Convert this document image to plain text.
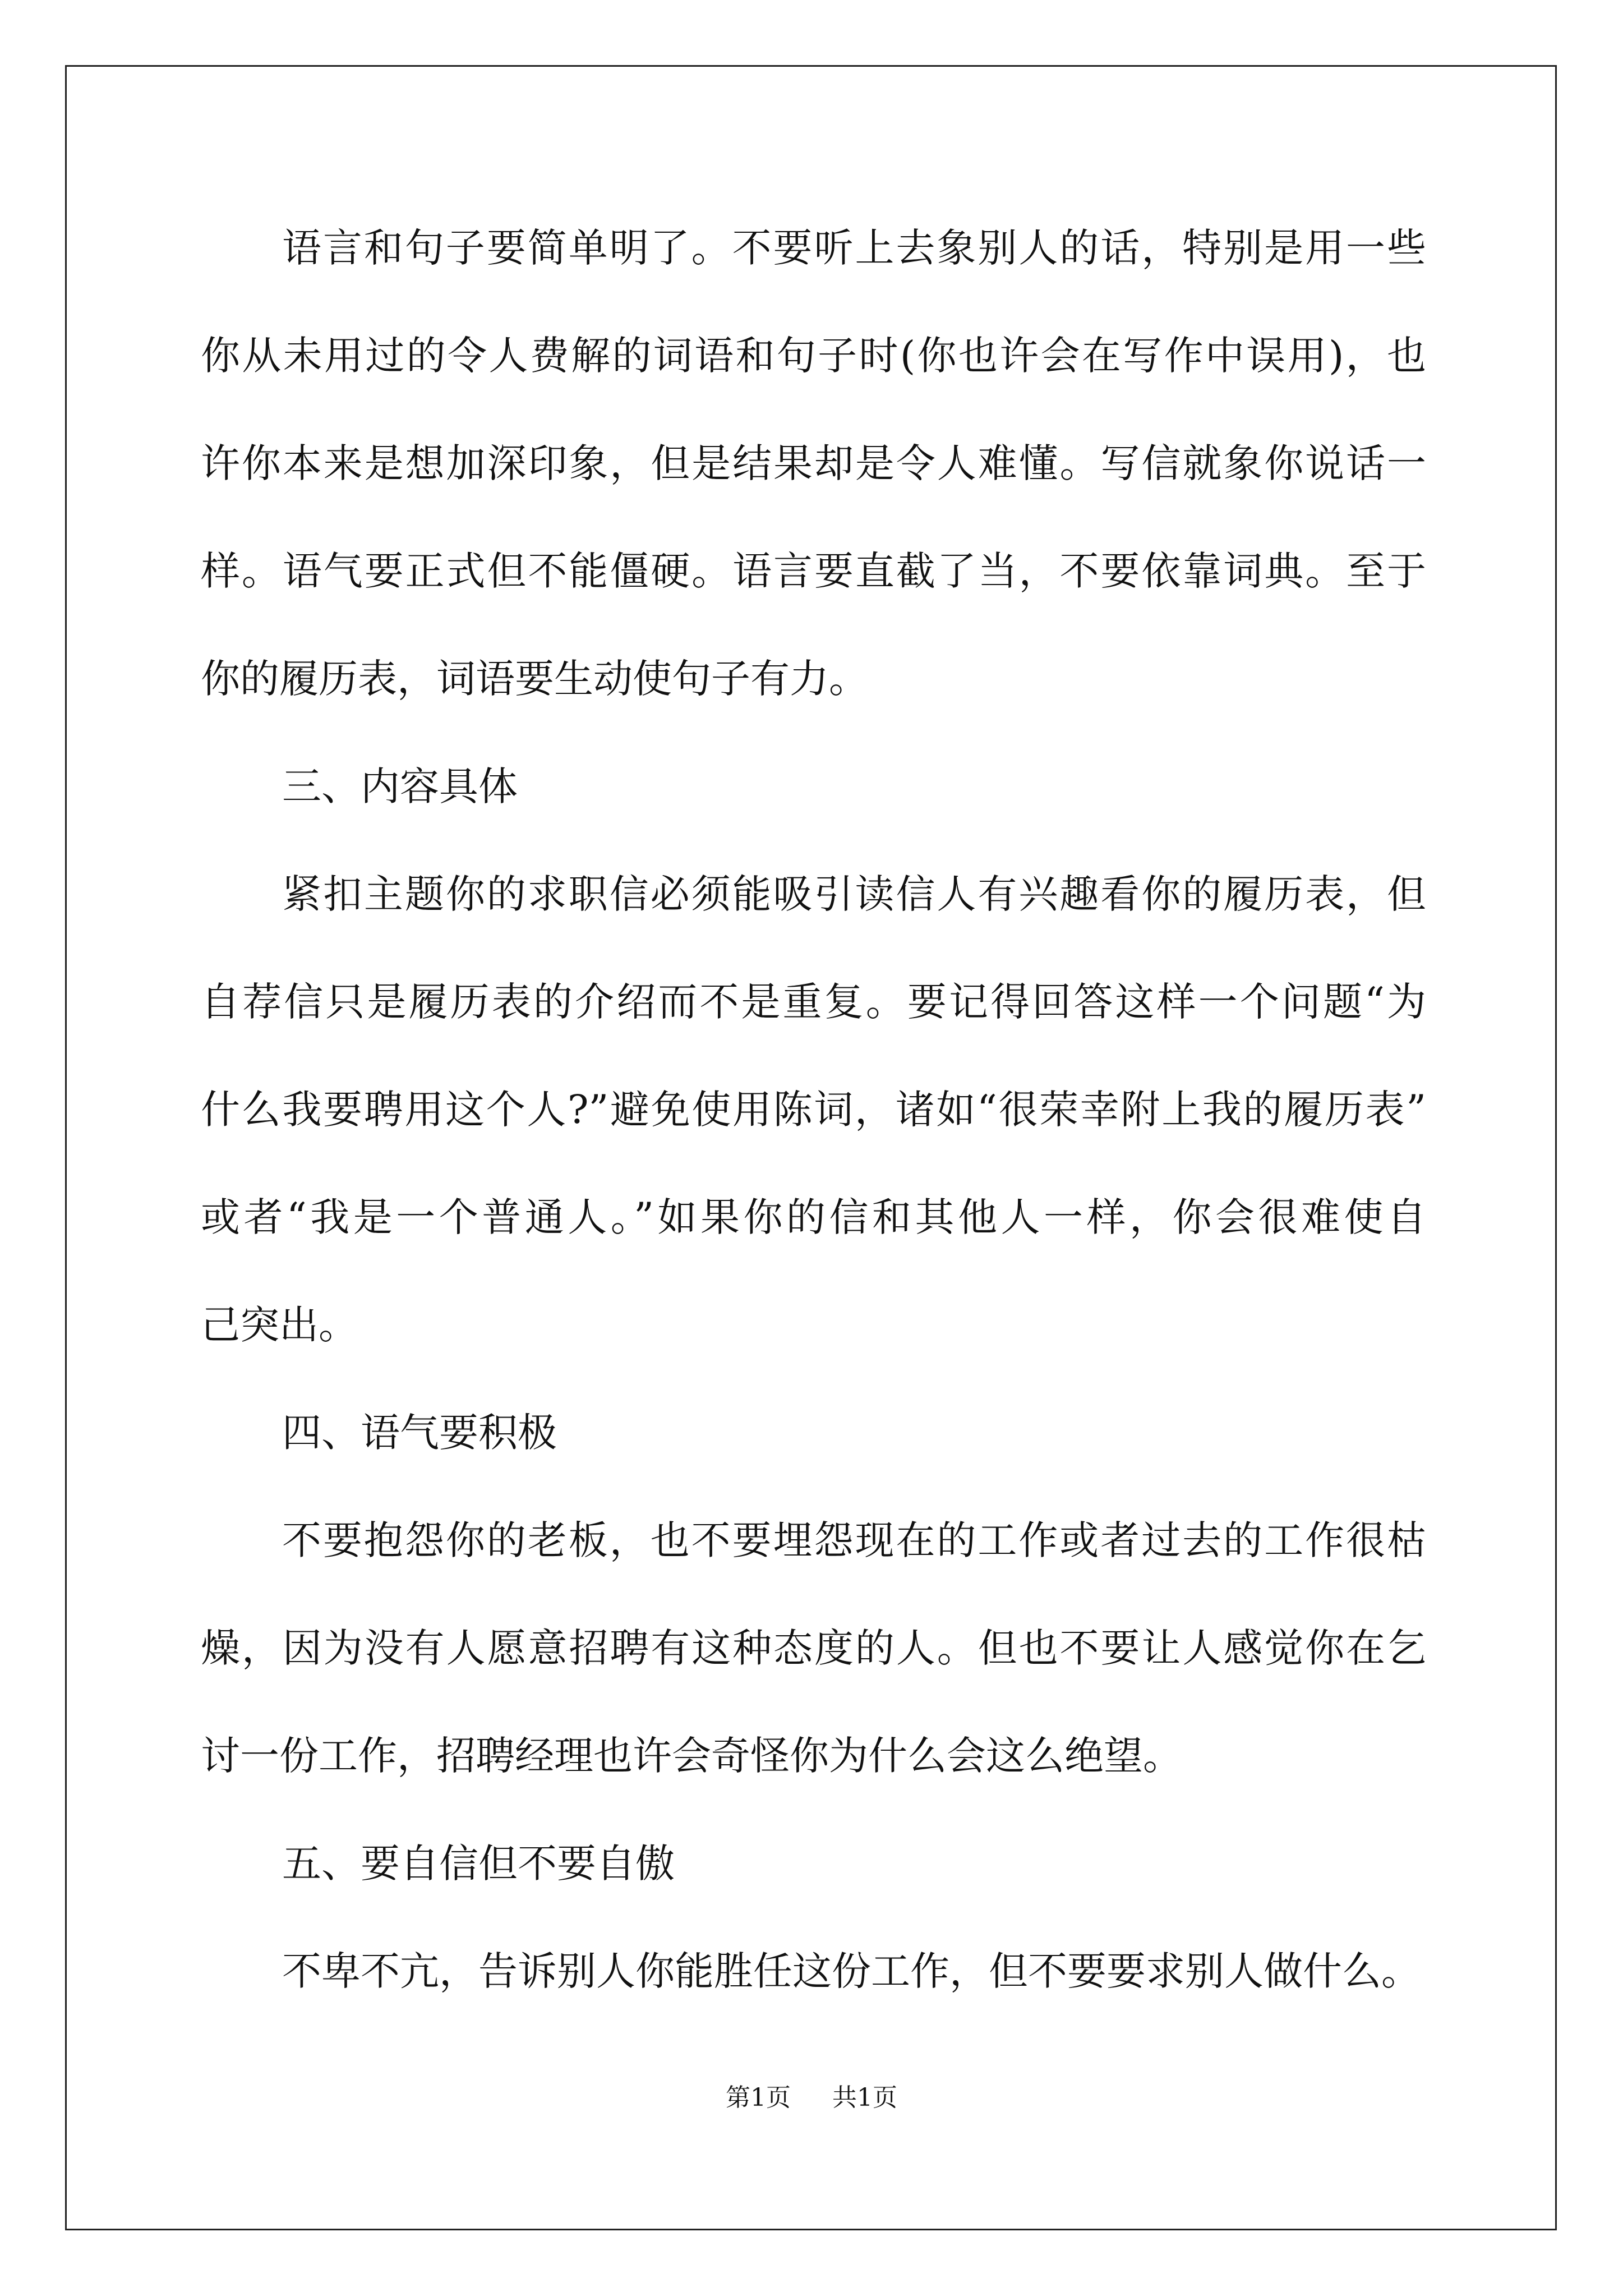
语言和句子要简单明了。不要听上去象别人的话，特别是用一些
你从未用过的令人费解的词语和句子时(你也许会在写作中误用)，也
许你本来是想加深印象，但是结果却是令人难懂。写信就象你说话一
样。语气要正式但不能僵硬。语言要直截了当，不要依靠词典。至于
你的履历表，词语要生动使句子有力。
三、内容具体
紧扣主题你的求职信必须能吸引读信人有兴趣看你的履历表，但
自荐信只是履历表的介绍而不是重复。要记得回答这样一个问题“为
什么我要聘用这个人?”避免使用陈词，诸如“很荣幸附上我的履历表”
或者“我是一个普通人。”如果你的信和其他人一样，你会很难使自
己突出。
四、语气要积极
不要抱怨你的老板，也不要埋怨现在的工作或者过去的工作很枯
燥，因为没有人愿意招聘有这种态度的人。但也不要让人感觉你在乞
讨一份工作，招聘经理也许会奇怪你为什么会这么绝望。
五、要自信但不要自傲
不卑不亢，告诉别人你能胜任这份工作，但不要要求别人做什么。
第1页 共1页
